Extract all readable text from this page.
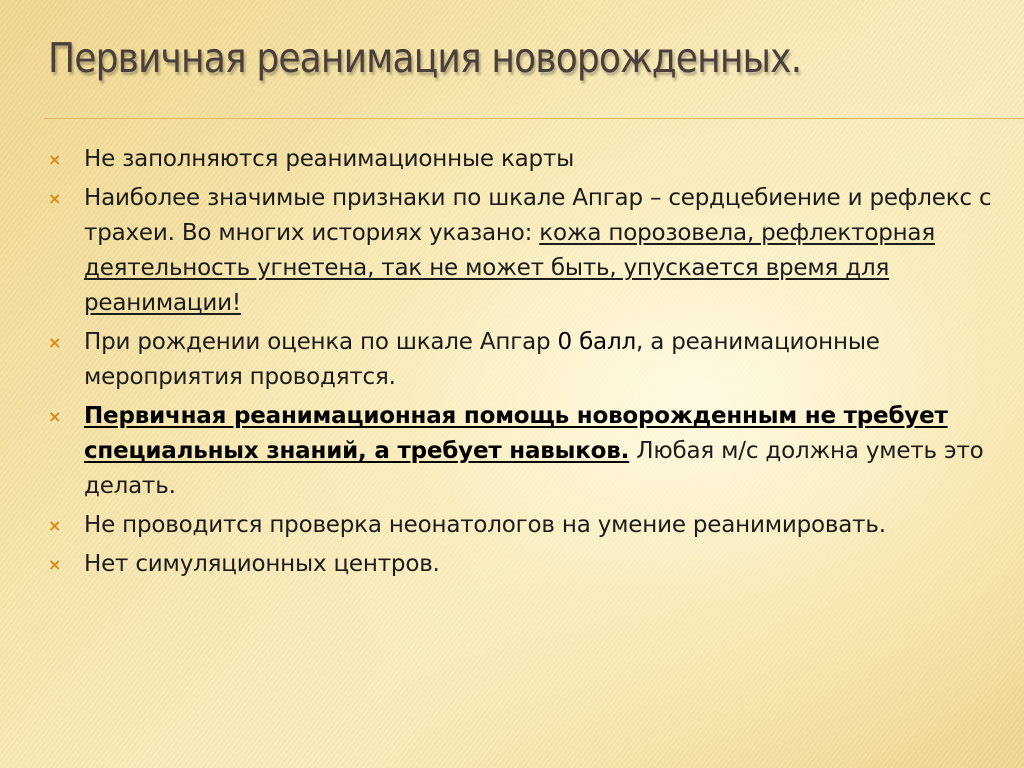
Первичная реанимация новорожденных.
× Не заполняются реанимационные карты
× Наиболее значимые признаки по шкале Апгар – сердцебиение и рефлекс с трахеи. Во многих историях указано: кожа порозовела, рефлекторная деятельность угнетена, так не может быть, упускается время для реанимации!
× При рождении оценка по шкале Апгар 0 балл, а реанимационные мероприятия проводятся.
× Первичная реанимационная помощь новорожденным не требует специальных знаний, а требует навыков. Любая м/с должна уметь это делать.
× Не проводится проверка неонатологов на умение реанимировать.
× Нет симуляционных центров.
